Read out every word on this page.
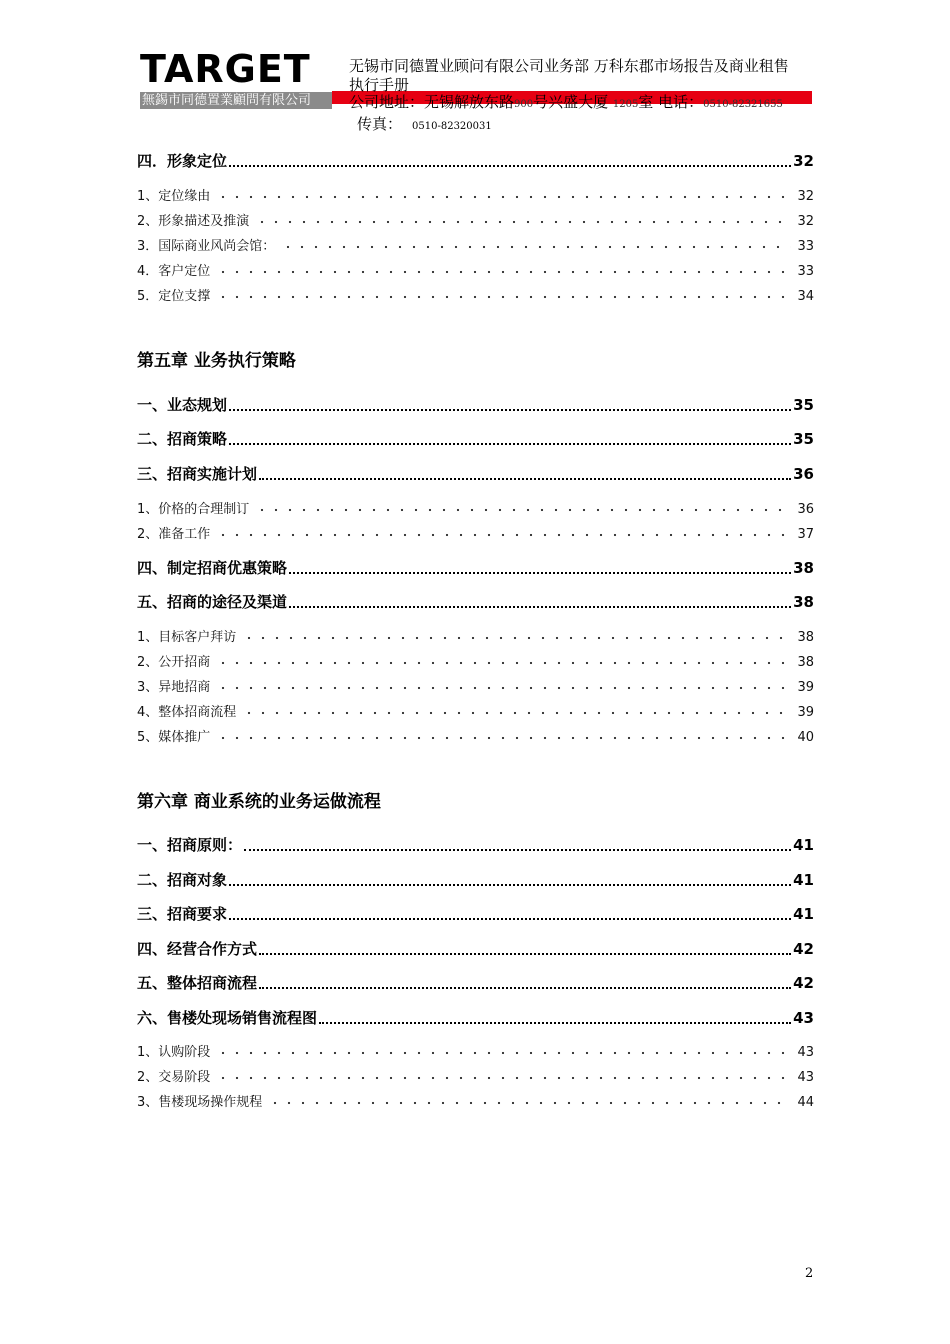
TARGET
無錫市同德置業顧問有限公司
无锡市同德置业顾问有限公司业务部 万科东郡市场报告及商业租售执行手册
公司地址：无锡解放东路900号兴盛大厦 1205室 电话：0510-82321655
传真： 0510-82320031
四．形象定位	32
1、定位缘由	32
2、形象描述及推演	32
3．国际商业风尚会馆：	33
4．客户定位	33
5．定位支撑	34
第五章 业务执行策略
一、业态规划	35
二、招商策略	35
三、招商实施计划	36
1、价格的合理制订	36
2、准备工作	37
四、制定招商优惠策略	38
五、招商的途径及渠道	38
1、目标客户拜访	38
2、公开招商	38
3、异地招商	39
4、整体招商流程	39
5、媒体推广	40
第六章 商业系统的业务运做流程
一、招商原则：	41
二、招商对象	41
三、招商要求	41
四、经营合作方式	42
五、整体招商流程	42
六、售楼处现场销售流程图	43
1、认购阶段	43
2、交易阶段	43
3、售楼现场操作规程	44
2
